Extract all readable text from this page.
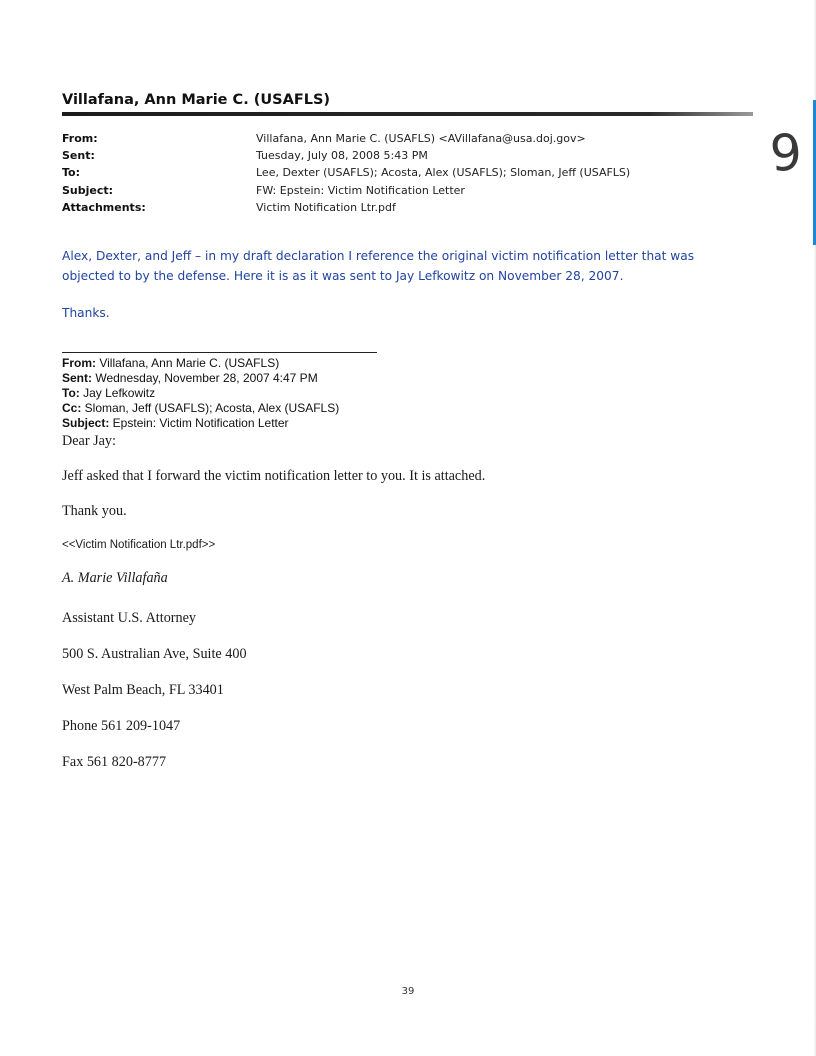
Villafana, Ann Marie C. (USAFLS)
From:	Villafana, Ann Marie C. (USAFLS) <AVillafana@usa.doj.gov>
Sent:	Tuesday, July 08, 2008 5:43 PM
To:	Lee, Dexter (USAFLS); Acosta, Alex (USAFLS); Sloman, Jeff (USAFLS)
Subject:	FW: Epstein: Victim Notification Letter
Attachments:	Victim Notification Ltr.pdf
9
Alex, Dexter, and Jeff – in my draft declaration I reference the original victim notification letter that was
objected to by the defense. Here it is as it was sent to Jay Lefkowitz on November 28, 2007.
Thanks.
From: Villafana, Ann Marie C. (USAFLS)
Sent: Wednesday, November 28, 2007 4:47 PM
To: Jay Lefkowitz
Cc: Sloman, Jeff (USAFLS); Acosta, Alex (USAFLS)
Subject: Epstein: Victim Notification Letter
Dear Jay:
Jeff asked that I forward the victim notification letter to you. It is attached.
Thank you.
<<Victim Notification Ltr.pdf>>
A. Marie Villafaña
Assistant U.S. Attorney
500 S. Australian Ave, Suite 400
West Palm Beach, FL 33401
Phone 561 209-1047
Fax 561 820-8777
39
